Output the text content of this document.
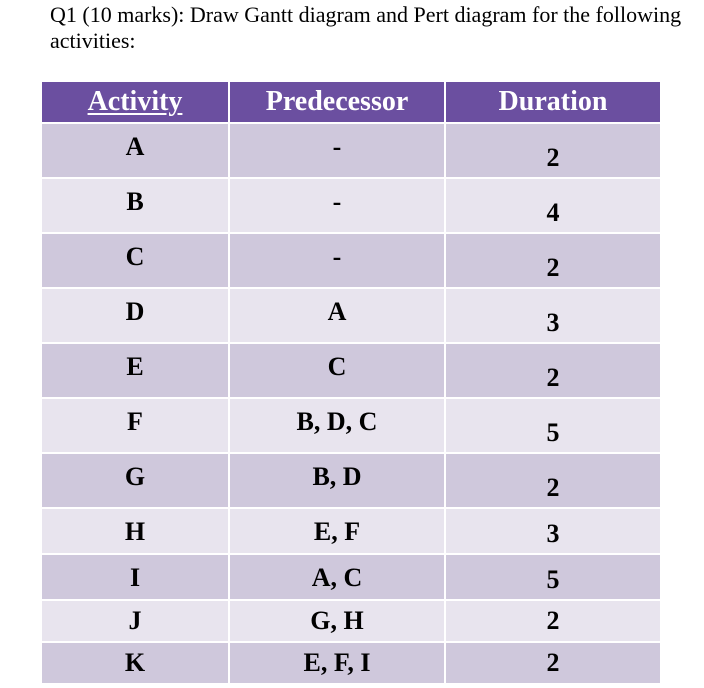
Q1 (10 marks): Draw Gantt diagram and Pert diagram for the following activities:
Activity	Predecessor	Duration
A	-	2
B	-	4
C	-	2
D	A	3
E	C	2
F	B, D, C	5
G	B, D	2
H	E, F	3
I	A, C	5
J	G, H	2
K	E, F, I	2
